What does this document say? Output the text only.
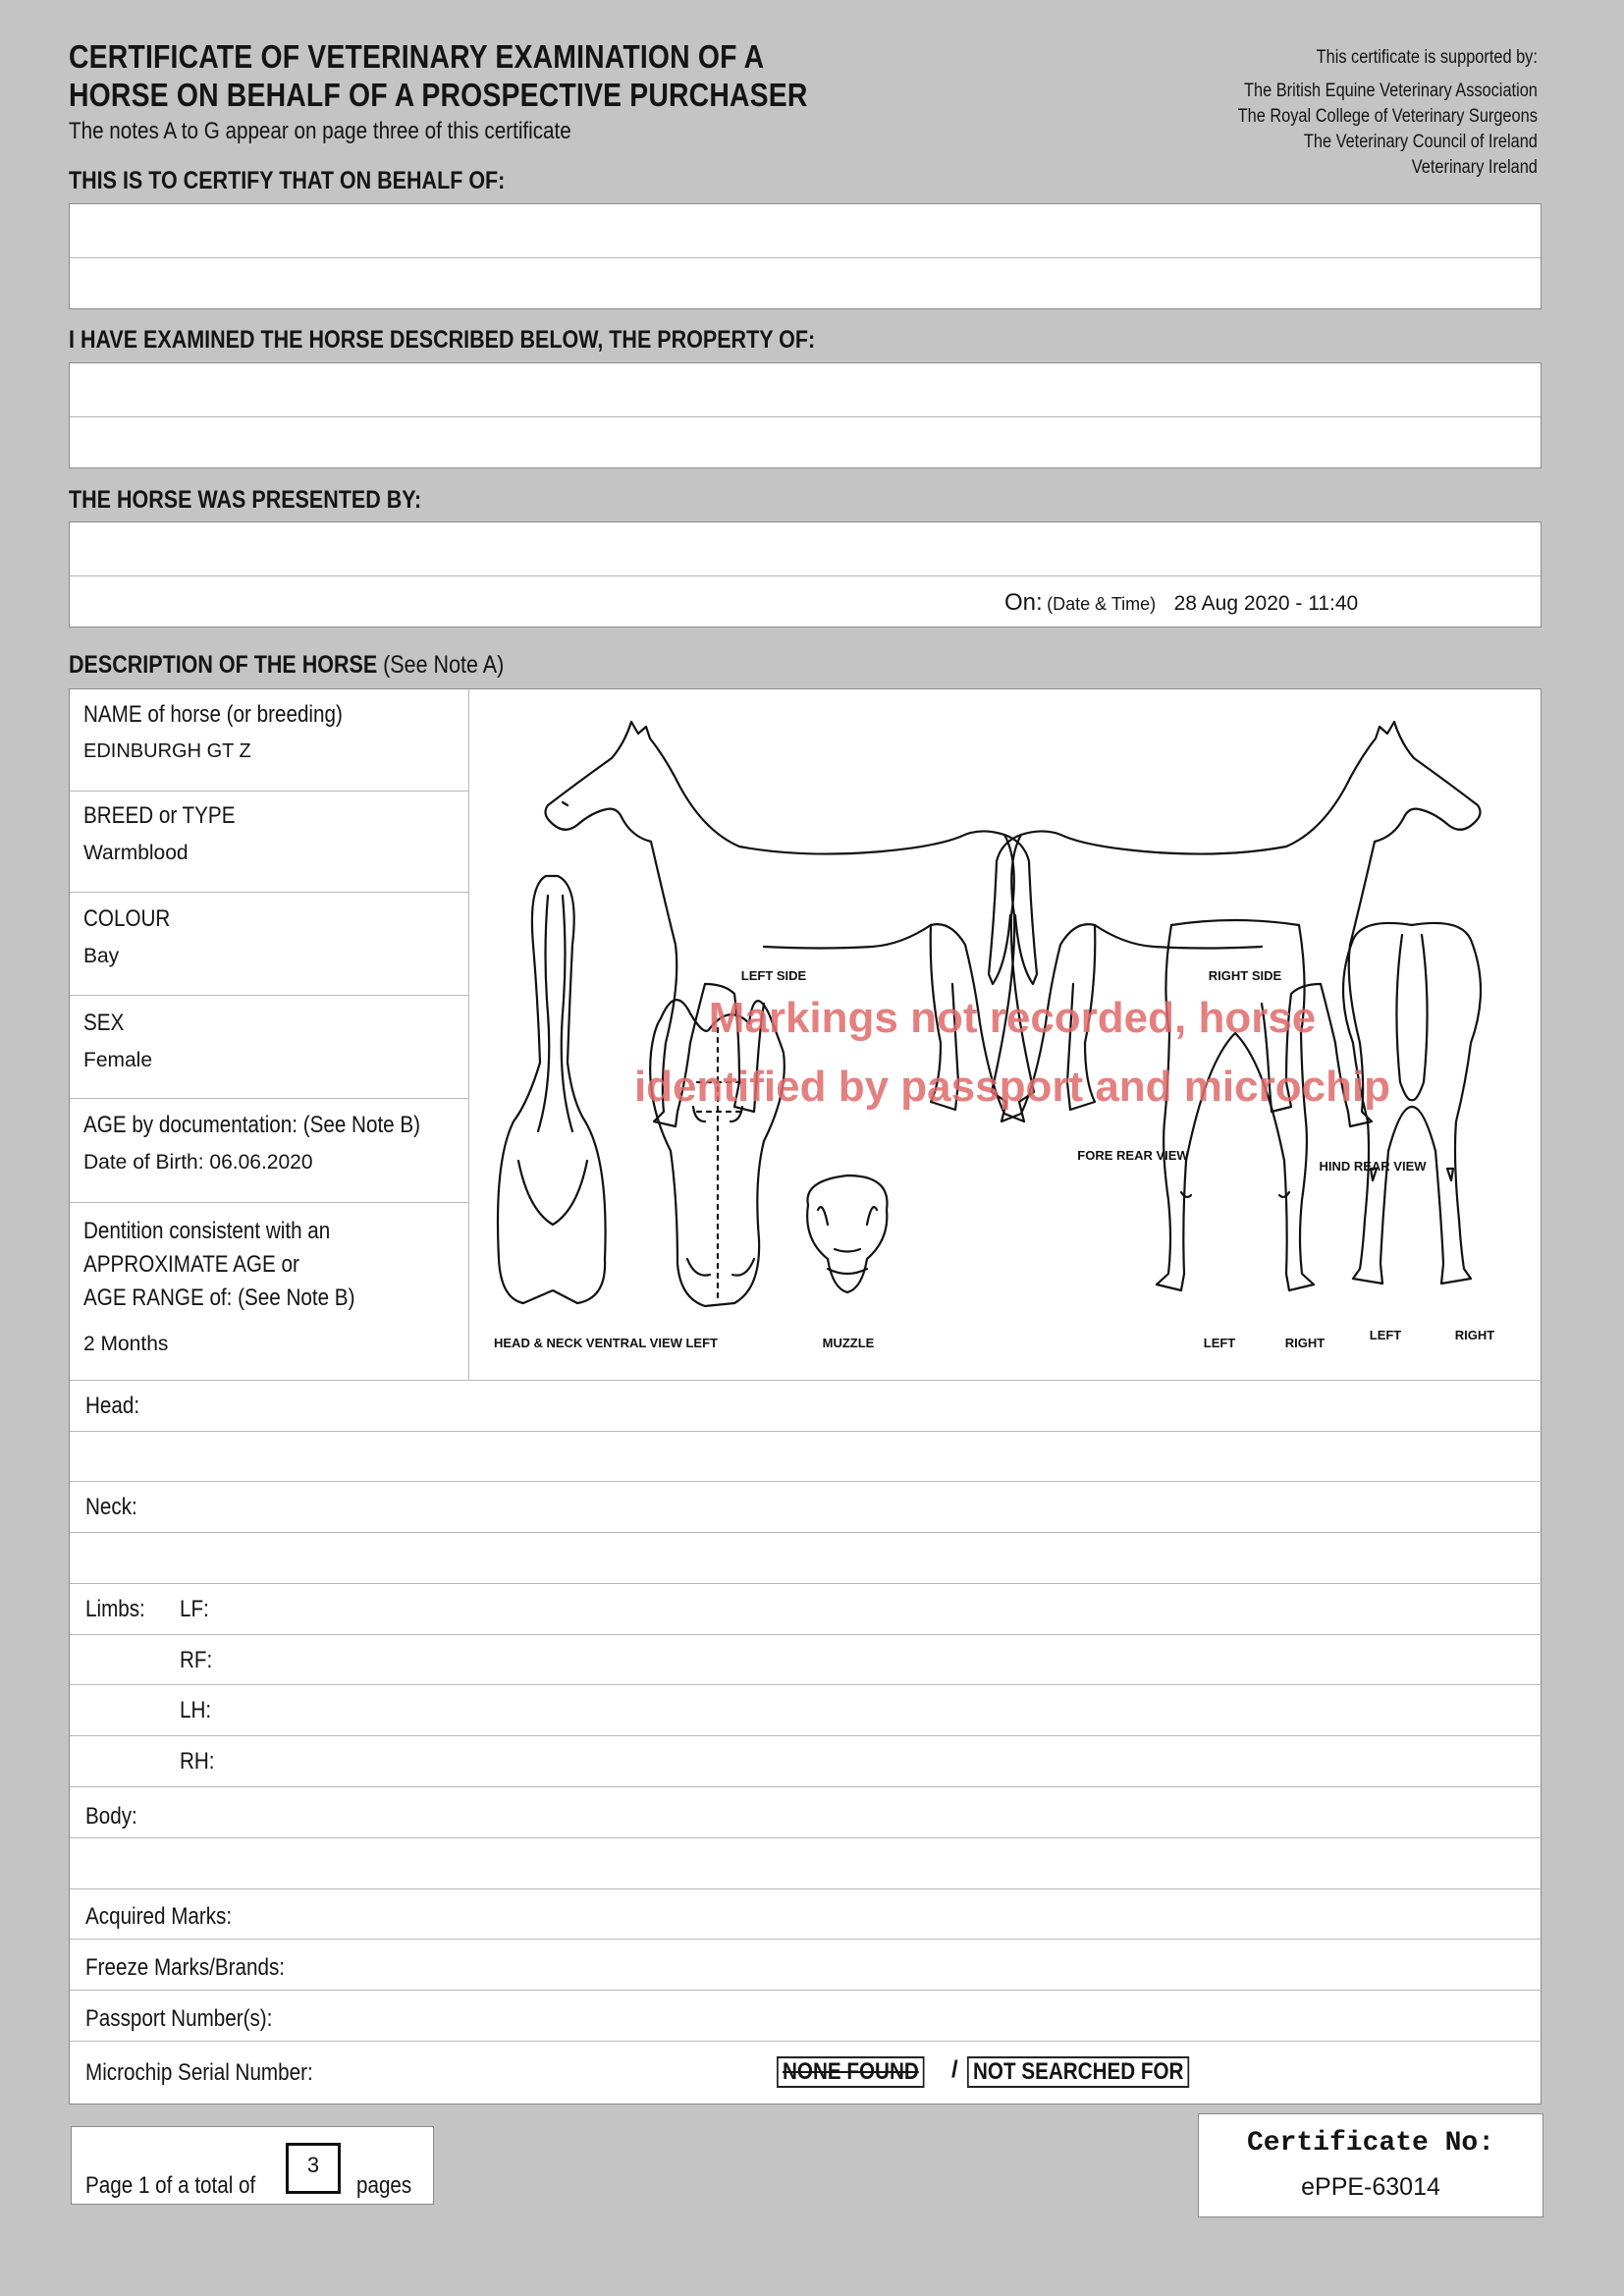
CERTIFICATE OF VETERINARY EXAMINATION OF A
HORSE ON BEHALF OF A PROSPECTIVE PURCHASER
The notes A to G appear on page three of this certificate
This certificate is supported by:
The British Equine Veterinary Association
The Royal College of Veterinary Surgeons
The Veterinary Council of Ireland
Veterinary Ireland
THIS IS TO CERTIFY THAT ON BEHALF OF:
I HAVE EXAMINED THE HORSE DESCRIBED BELOW, THE PROPERTY OF:
THE HORSE WAS PRESENTED BY:
On: (Date & Time) 28 Aug 2020 - 11:40
DESCRIPTION OF THE HORSE (See Note A)
NAME of horse (or breeding)
EDINBURGH GT Z
BREED or TYPE
Warmblood
COLOUR
Bay
SEX
Female
AGE by documentation: (See Note B)
Date of Birth: 06.06.2020
Dentition consistent with an
APPROXIMATE AGE or
AGE RANGE of: (See Note B)
2 Months
LEFT SIDE	RIGHT SIDE
FORE REAR VIEW
HIND REAR VIEW
HEAD & NECK VENTRAL VIEW LEFT	MUZZLE	LEFT	RIGHT
LEFT	RIGHT
Markings not recorded, horse
identified by passport and microchip
Head:
Neck:
Limbs: LF:
RF:
LH:
RH:
Body:
Acquired Marks:
Freeze Marks/Brands:
Passport Number(s):
Microchip Serial Number:	NONE FOUND / NOT SEARCHED FOR
Page 1 of a total of
3
pages
Certificate No:
ePPE-63014
